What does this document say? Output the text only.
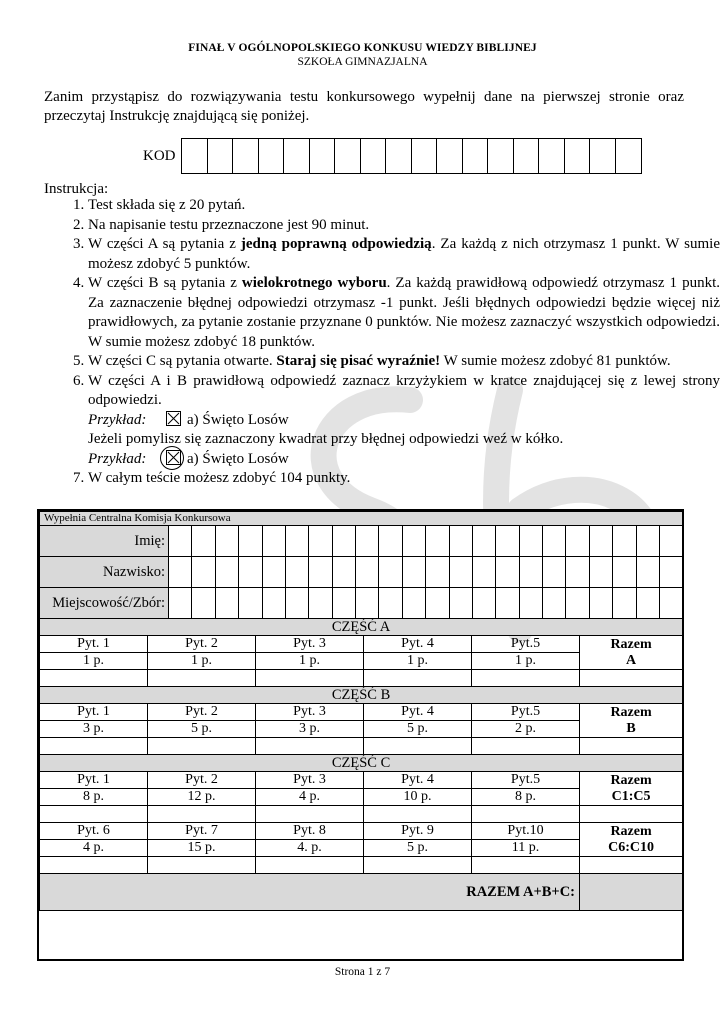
FINAŁ V OGÓLNOPOLSKIEGO KONKUSU WIEDZY BIBLIJNEJ
SZKOŁA GIMNAZJALNA
Zanim przystąpisz do rozwiązywania testu konkursowego wypełnij dane na pierwszej stronie oraz przeczytaj Instrukcję znajdującą się poniżej.
KOD
Instrukcja:
1. Test składa się z 20 pytań.
2. Na napisanie testu przeznaczone jest 90 minut.
3. W części A są pytania z jedną poprawną odpowiedzią. Za każdą z nich otrzymasz 1 punkt. W sumie możesz zdobyć 5 punktów.
4. W części B są pytania z wielokrotnego wyboru. Za każdą prawidłową odpowiedź otrzymasz 1 punkt. Za zaznaczenie błędnej odpowiedzi otrzymasz -1 punkt. Jeśli błędnych odpowiedzi będzie więcej niż prawidłowych, za pytanie zostanie przyznane 0 punktów. Nie możesz zaznaczyć wszystkich odpowiedzi. W sumie możesz zdobyć 18 punktów.
5. W części C są pytania otwarte. Staraj się pisać wyraźnie! W sumie możesz zdobyć 81 punktów.
6. W części A i B prawidłową odpowiedź zaznacz krzyżykiem w kratce znajdującej się z lewej strony odpowiedzi.
Przykład:	a) Święto Losów
Jeżeli pomylisz się zaznaczony kwadrat przy błędnej odpowiedzi weź w kółko.
Przykład:	a) Święto Losów
7. W całym teście możesz zdobyć 104 punkty.
Wypełnia Centralna Komisja Konkursowa					

Imię:					

Nazwisko:					

Miejscowość/Zbór:					

CZĘŚĆ A					
Pyt. 1	Pyt. 2	Pyt. 3	Pyt. 4	Pyt.5	Razem
A
1 p.	1 p.	1 p.	1 p.	1 p.	

CZĘŚĆ B					
Pyt. 1	Pyt. 2	Pyt. 3	Pyt. 4	Pyt.5	Razem
B
3 p.	5 p.	3 p.	5 p.	2 p.	

CZĘŚĆ C					
Pyt. 1	Pyt. 2	Pyt. 3	Pyt. 4	Pyt.5	Razem
C1:C5
8 p.	12 p.	4 p.	10 p.	8 p.	

Pyt. 6	Pyt. 7	Pyt. 8	Pyt. 9	Pyt.10	Razem
C6:C10
4 p.	15 p.	4. p.	5 p.	11 p.	

RAZEM A+B+C:					
Strona 1 z 7
